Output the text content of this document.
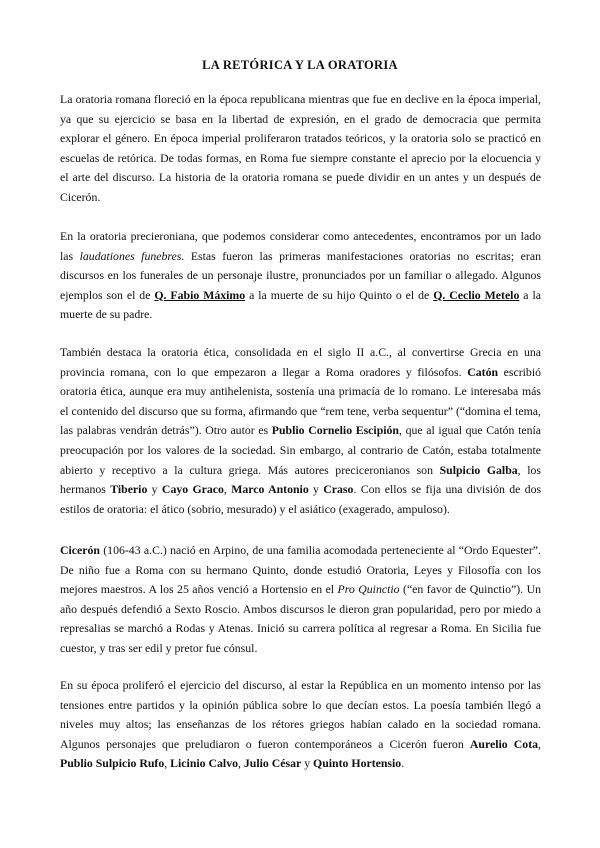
LA RETÓRICA Y LA ORATORIA

La oratoria romana floreció en la época republicana mientras que fue en declive en la época imperial, ya que su ejercicio se basa en la libertad de expresión, en el grado de democracia que permita explorar el género. En época imperial proliferaron tratados teóricos, y la oratoria solo se practicó en escuelas de retórica. De todas formas, en Roma fue siempre constante el aprecio por la elocuencia y el arte del discurso. La historia de la oratoria romana se puede dividir en un antes y un después de Cicerón.

En la oratoria precieroniana, que podemos considerar como antecedentes, encontramos por un lado las laudationes funebres. Estas fueron las primeras manifestaciones oratorias no escritas; eran discursos en los funerales de un personaje ilustre, pronunciados por un familiar o allegado. Algunos ejemplos son el de Q. Fabio Máximo a la muerte de su hijo Quinto o el de Q. Ceclio Metelo a la muerte de su padre.

También destaca la oratoria ética, consolidada en el siglo II a.C., al convertirse Grecia en una provincia romana, con lo que empezaron a llegar a Roma oradores y filósofos. Catón escribió oratoria ética, aunque era muy antihelenista, sostenía una primacía de lo romano. Le interesaba más el contenido del discurso que su forma, afirmando que “rem tene, verba sequentur” (“domina el tema, las palabras vendrán detrás”). Otro autor es Publio Cornelio Escipión, que al igual que Catón tenía preocupación por los valores de la sociedad. Sin embargo, al contrario de Catón, estaba totalmente abierto y receptivo a la cultura griega. Más autores preciceronianos son Sulpicio Galba, los hermanos Tiberio y Cayo Graco, Marco Antonio y Craso. Con ellos se fija una división de dos estilos de oratoria: el ático (sobrio, mesurado) y el asiático (exagerado, ampuloso).

Cicerón (106-43 a.C.) nació en Arpino, de una familia acomodada perteneciente al “Ordo Equester”. De niño fue a Roma con su hermano Quinto, donde estudió Oratoria, Leyes y Filosofía con los mejores maestros. A los 25 años venció a Hortensio en el Pro Quinctio (“en favor de Quinctio”). Un año después defendió a Sexto Roscio. Ambos discursos le dieron gran popularidad, pero por miedo a represalias se marchó a Rodas y Atenas. Inició su carrera política al regresar a Roma. En Sicilia fue cuestor, y tras ser edil y pretor fue cónsul.

En su época proliferó el ejercicio del discurso, al estar la República en un momento intenso por las tensiones entre partidos y la opinión pública sobre lo que decían estos. La poesía también llegó a niveles muy altos; las enseñanzas de los rétores griegos habían calado en la sociedad romana. Algunos personajes que preludiaron o fueron contemporáneos a Cicerón fueron Aurelio Cota, Publio Sulpicio Rufo, Licinio Calvo, Julio César y Quinto Hortensio.
